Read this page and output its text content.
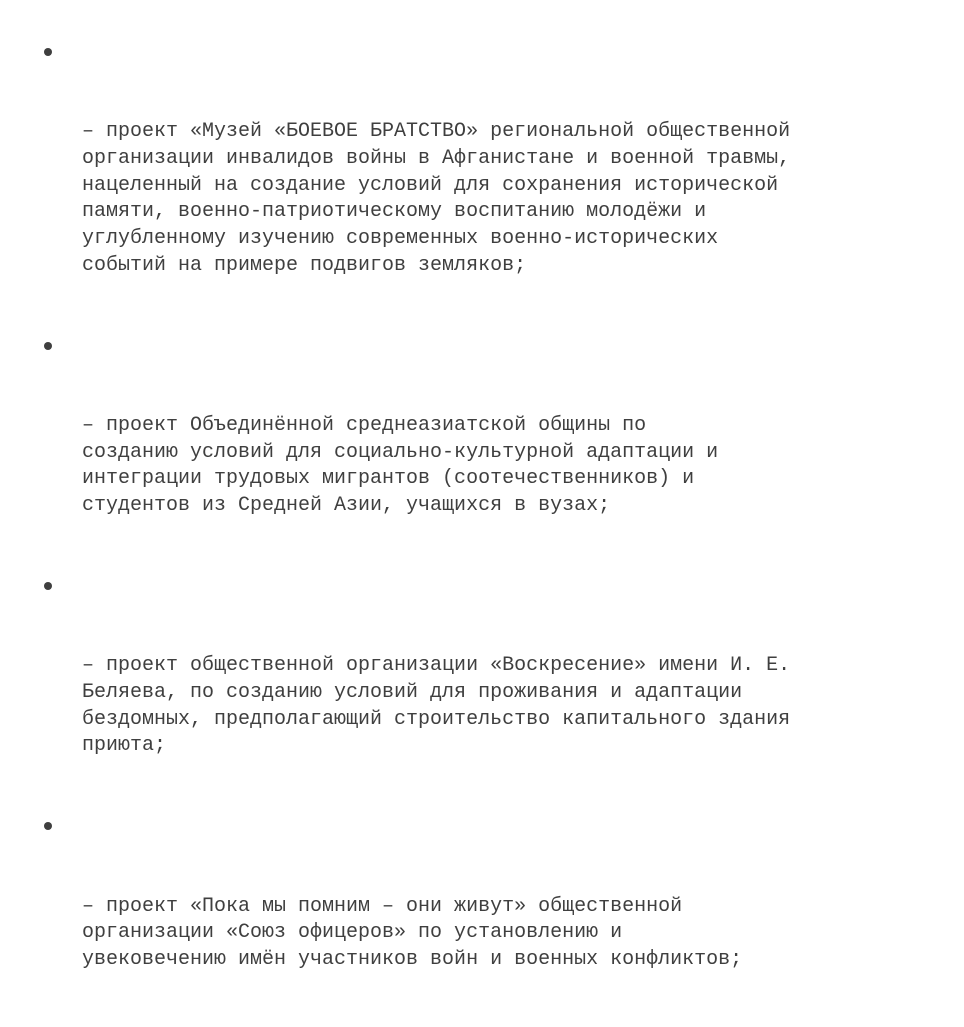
– проект «Музей «БОЕВОЕ БРАТСТВО» региональной общественной
организации инвалидов войны в Афганистане и военной травмы,
нацеленный на создание условий для сохранения исторической
памяти, военно-патриотическому воспитанию молодёжи и
углубленному изучению современных военно-исторических
событий на примере подвигов земляков;

– проект Объединённой среднеазиатской общины по
созданию условий для социально-культурной адаптации и
интеграции трудовых мигрантов (соотечественников) и
студентов из Средней Азии, учащихся в вузах;

– проект общественной организации «Воскресение» имени И. Е.
Беляева, по созданию условий для проживания и адаптации
бездомных, предполагающий строительство капитального здания
приюта;

– проект «Пока мы помним – они живут» общественной
организации «Союз офицеров» по установлению и
увековечению имён участников войн и военных конфликтов;
